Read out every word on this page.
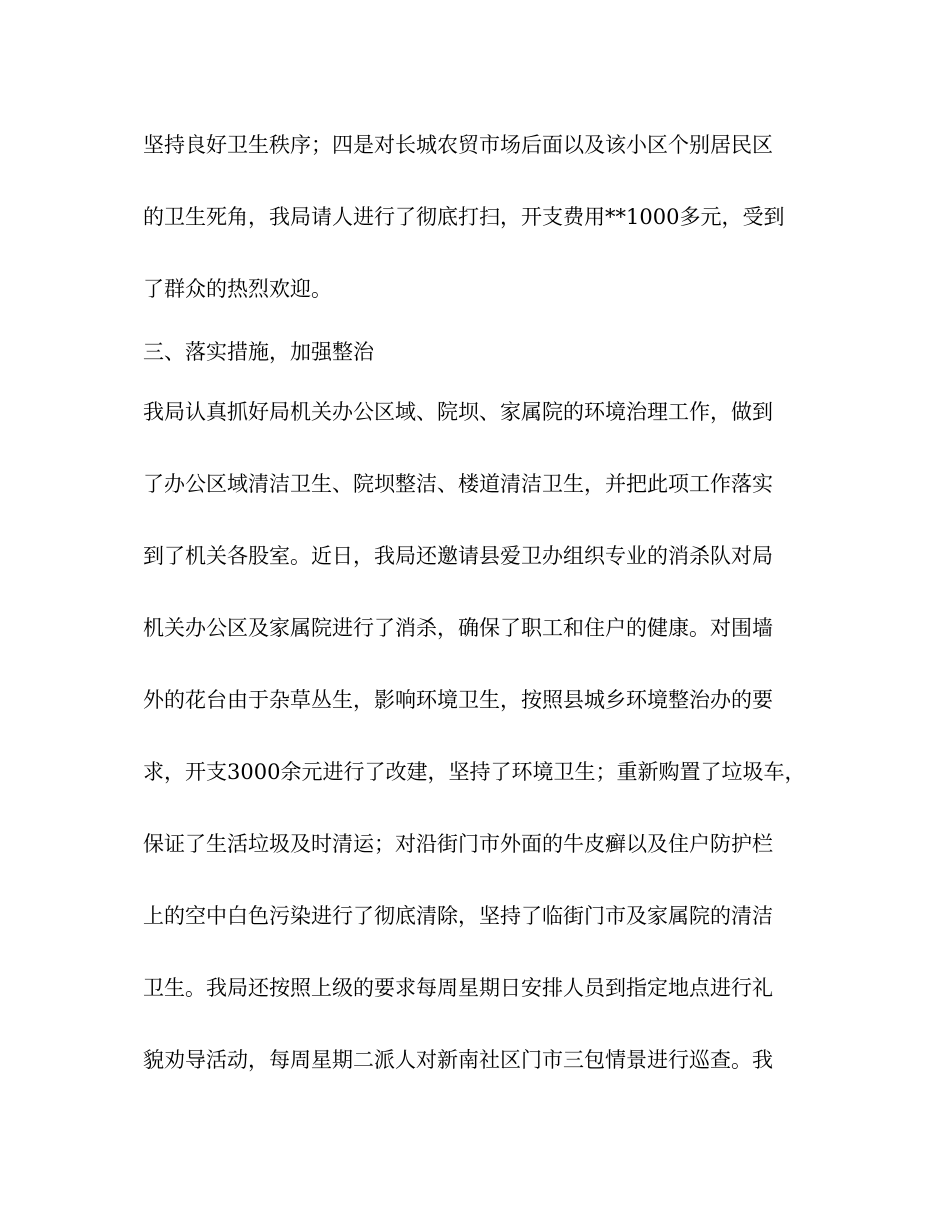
坚持良好卫生秩序；四是对长城农贸市场后面以及该小区个别居民区
的卫生死角，我局请人进行了彻底打扫，开支费用**1000多元，受到
了群众的热烈欢迎。
三、落实措施，加强整治
我局认真抓好局机关办公区域、院坝、家属院的环境治理工作，做到
了办公区域清洁卫生、院坝整洁、楼道清洁卫生，并把此项工作落实
到了机关各股室。近日，我局还邀请县爱卫办组织专业的消杀队对局
机关办公区及家属院进行了消杀，确保了职工和住户的健康。对围墙
外的花台由于杂草丛生，影响环境卫生，按照县城乡环境整治办的要
求，开支3000余元进行了改建，坚持了环境卫生；重新购置了垃圾车，
保证了生活垃圾及时清运；对沿街门市外面的牛皮癣以及住户防护栏
上的空中白色污染进行了彻底清除，坚持了临街门市及家属院的清洁
卫生。我局还按照上级的要求每周星期日安排人员到指定地点进行礼
貌劝导活动，每周星期二派人对新南社区门市三包情景进行巡查。我
